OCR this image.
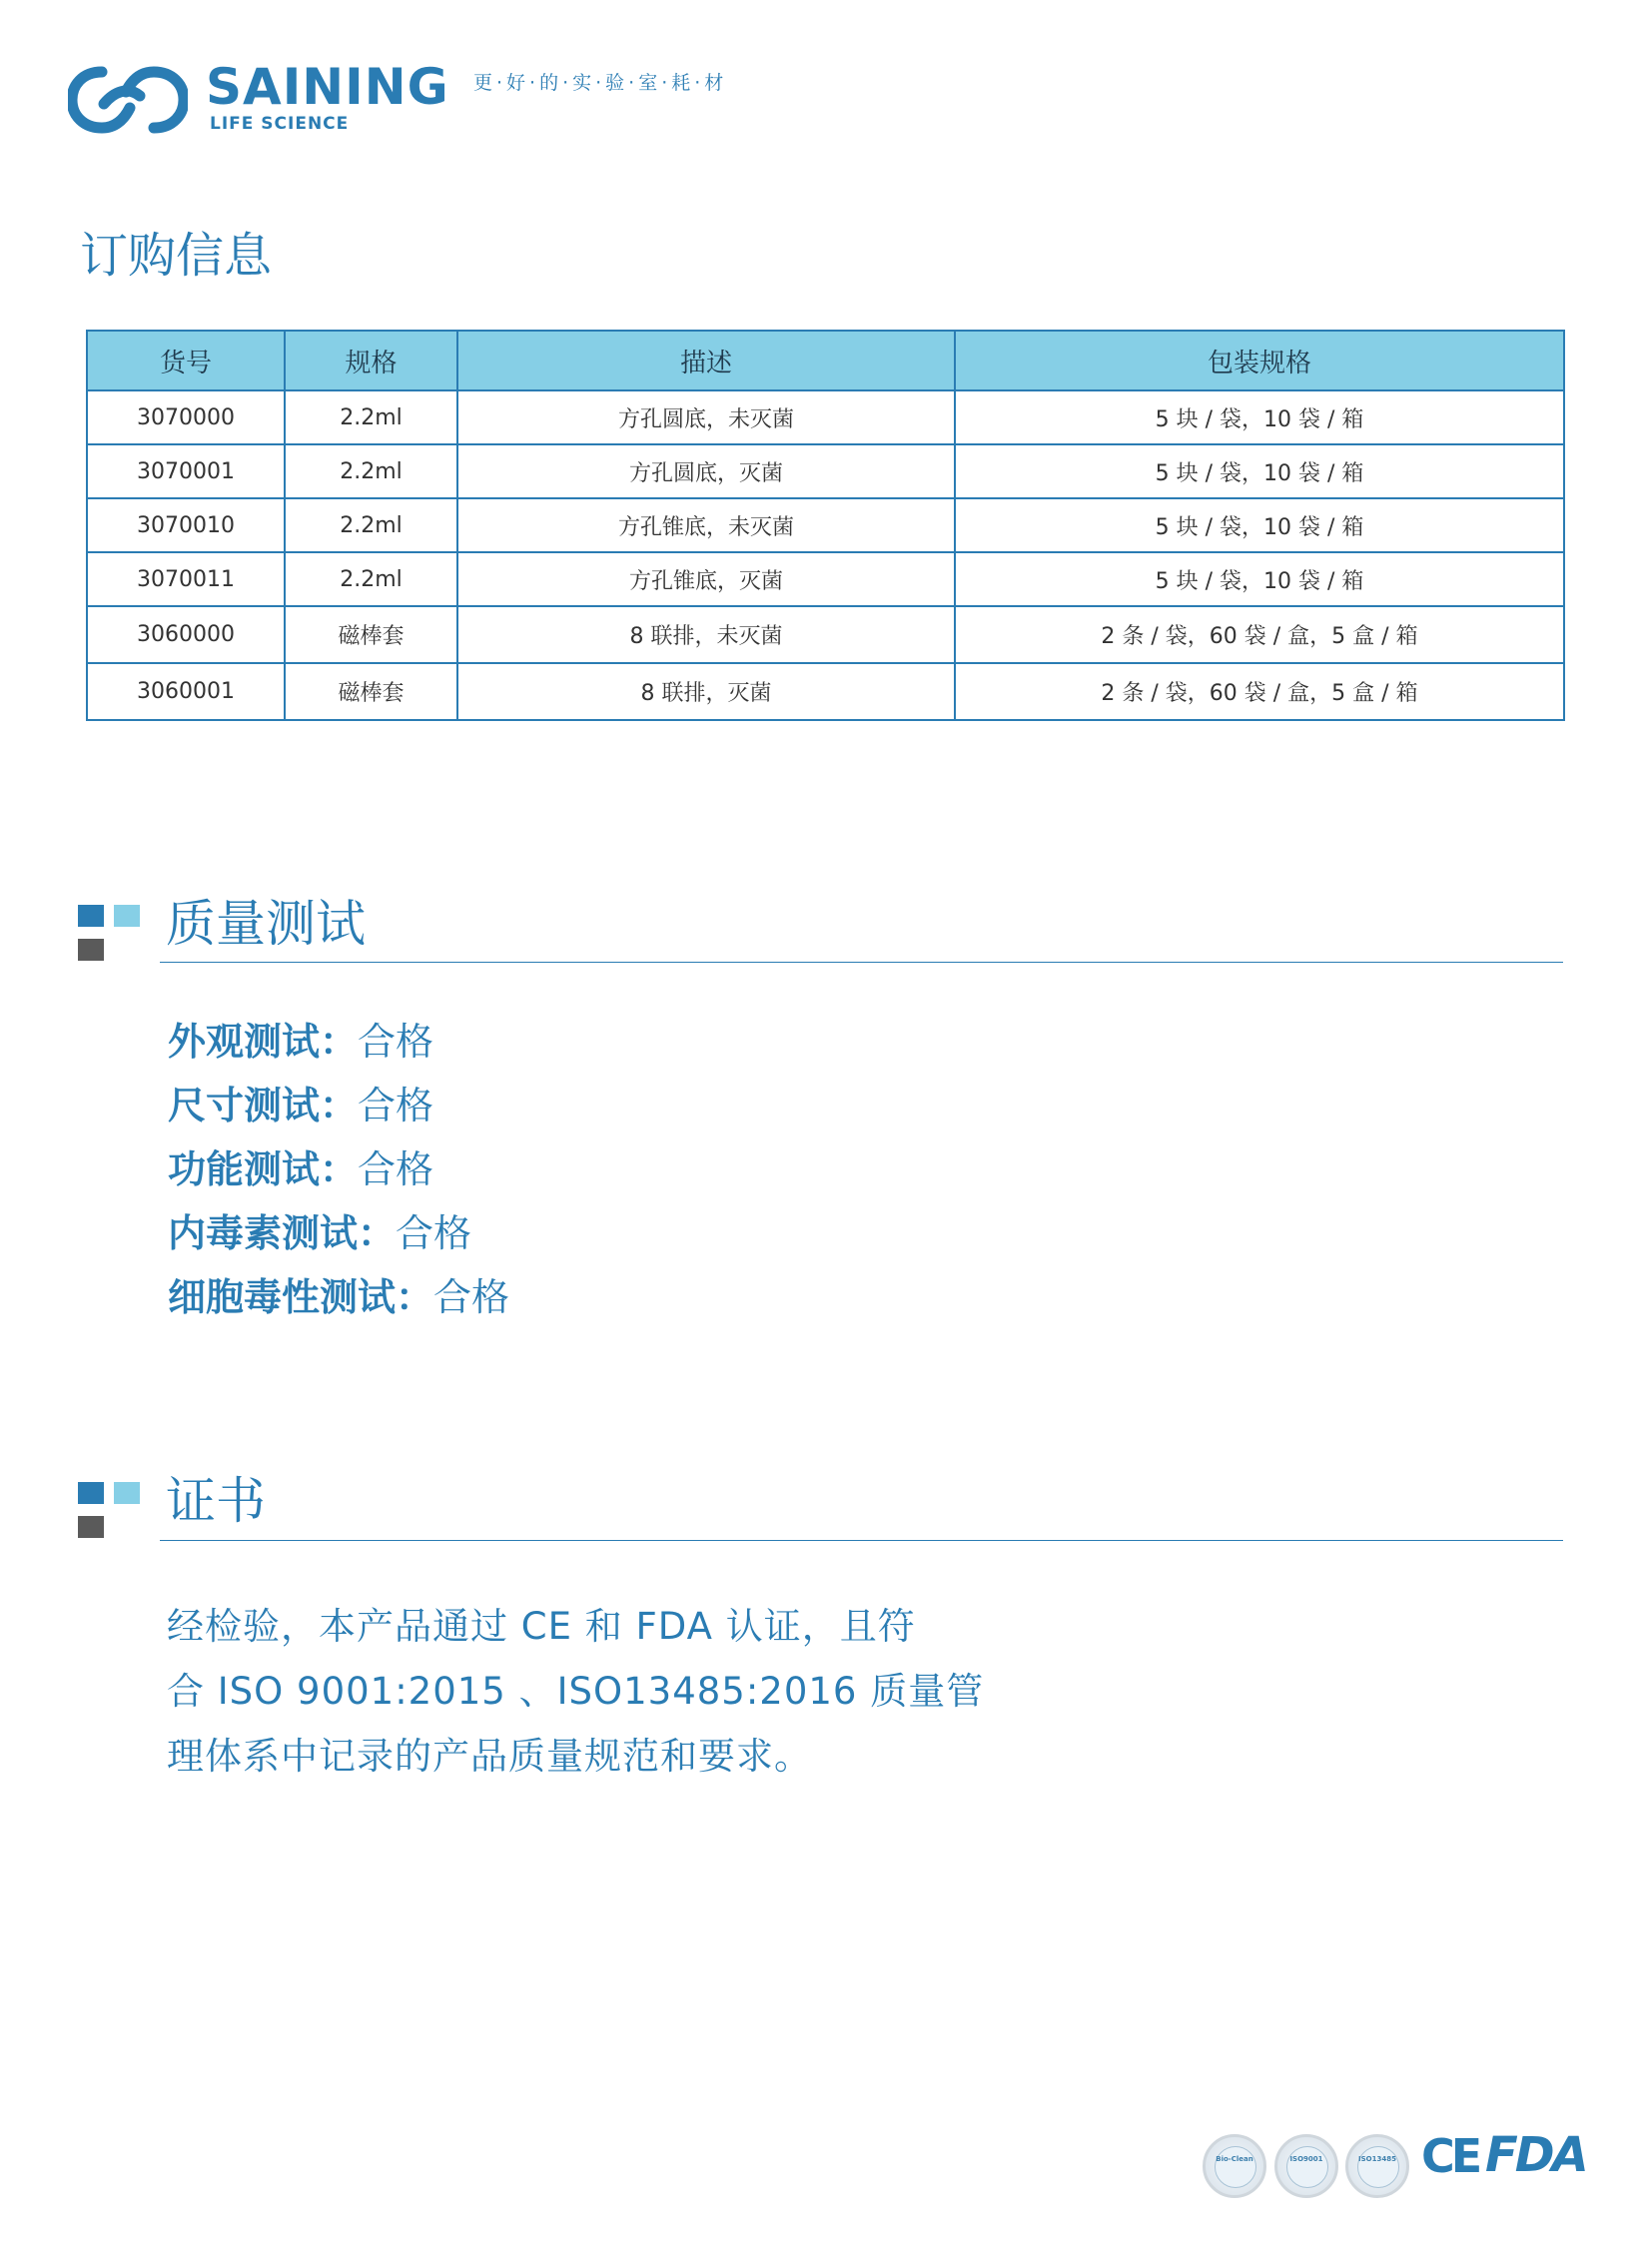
SAINING
LIFE SCIENCE
更·好·的·实·验·室·耗·材
订购信息
货号	规格	描述	包装规格
3070000	2.2ml	方孔圆底，未灭菌	5 块 / 袋，10 袋 / 箱
3070001	2.2ml	方孔圆底，灭菌	5 块 / 袋，10 袋 / 箱
3070010	2.2ml	方孔锥底，未灭菌	5 块 / 袋，10 袋 / 箱
3070011	2.2ml	方孔锥底，灭菌	5 块 / 袋，10 袋 / 箱
3060000	磁棒套	8 联排，未灭菌	2 条 / 袋，60 袋 / 盒，5 盒 / 箱
3060001	磁棒套	8 联排，灭菌	2 条 / 袋，60 袋 / 盒，5 盒 / 箱
质量测试
外观测试：合格
尺寸测试：合格
功能测试：合格
内毒素测试：合格
细胞毒性测试：合格
证书
经检验，本产品通过 CE 和 FDA 认证，且符
合 ISO 9001:2015 、ISO13485:2016 质量管
理体系中记录的产品质量规范和要求。
Bio-Clean	ISO9001	ISO13485 CE FDA
